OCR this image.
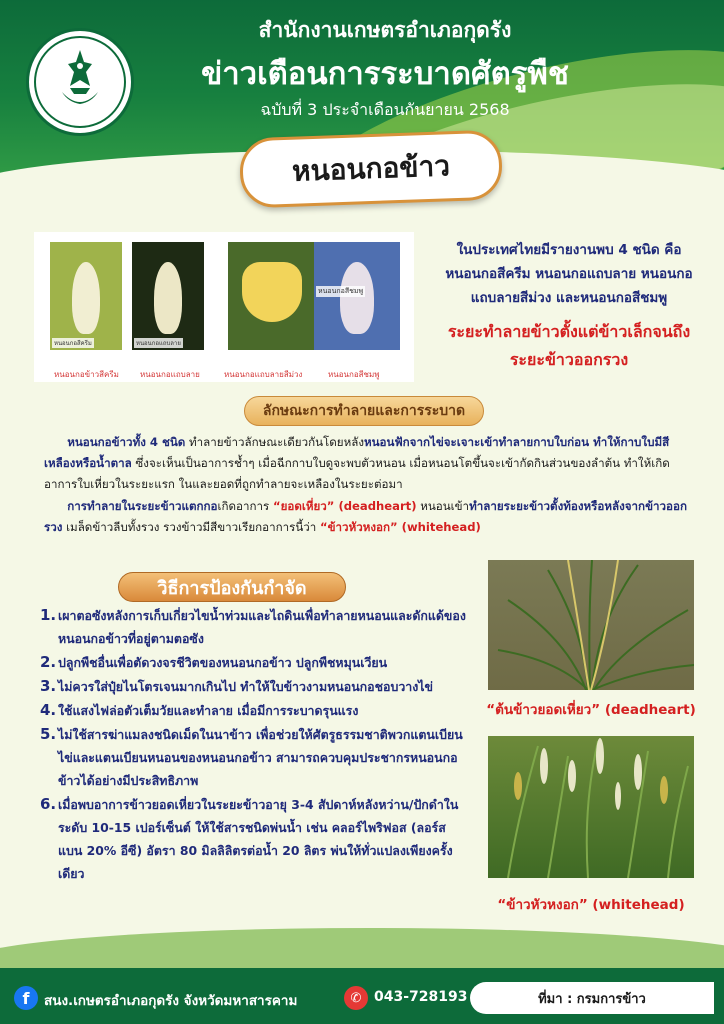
สำนักงานเกษตรอำเภอกุดรัง
ข่าวเตือนการระบาดศัตรูพืช
ฉบับที่ 3 ประจำเดือนกันยายน 2568
หนอนกอข้าว
หนอนกอสีครีม	หนอนกอแถบลาย
หนอนกอสีชมพู
หนอนกอข้าวสีครีม	หนอนกอแถบลาย	หนอนกอแถบลายสีม่วง	หนอนกอสีชมพู
ในประเทศไทยมีรายงานพบ 4 ชนิด คือ
หนอนกอสีครีม หนอนกอแถบลาย หนอนกอ
แถบลายสีม่วง และหนอนกอสีชมพู
ระยะทำลายข้าวตั้งแต่ข้าวเล็กจนถึง
ระยะข้าวออกรวง
ลักษณะการทำลายและการระบาด
  หนอนกอข้าวทั้ง 4 ชนิด ทำลายข้าวลักษณะเดียวกันโดยหลังหนอนฟักจากไข่จะเจาะเข้าทำลายกาบใบก่อน ทำให้กาบใบมีสีเหลืองหรือน้ำตาล ซึ่งจะเห็นเป็นอาการช้ำๆ เมื่อฉีกกาบใบดูจะพบตัวหนอน เมื่อหนอนโตขึ้นจะเข้ากัดกินส่วนของลำต้น ทำให้เกิดอาการใบเหี่ยวในระยะแรก ในและยอดที่ถูกทำลายจะเหลืองในระยะต่อมา
  การทำลายในระยะข้าวแตกกอเกิดอาการ “ยอดเหี่ยว” (deadheart) หนอนเข้าทำลายระยะข้าวตั้งท้องหรือหลังจากข้าวออกรวง เมล็ดข้าวลีบทั้งรวง รวงข้าวมีสีขาวเรียกอาการนี้ว่า “ข้าวหัวหงอก” (whitehead)
วิธีการป้องกันกำจัด
1. เผาตอซังหลังการเก็บเกี่ยวไขน้ำท่วมและไถดินเพื่อทำลายหนอนและดักแด้ของหนอนกอข้าวที่อยู่ตามตอซัง
2. ปลูกพืชอื่นเพื่อตัดวงจรชีวิตของหนอนกอข้าว ปลูกพืชหมุนเวียน
3. ไม่ควรใส่ปุ๋ยไนโตรเจนมากเกินไป ทำให้ใบข้าวงามหนอนกอชอบวางไข่
4. ใช้แสงไฟล่อตัวเต็มวัยและทำลาย เมื่อมีการระบาดรุนแรง
5. ไม่ใช้สารฆ่าแมลงชนิดเม็ดในนาข้าว เพื่อช่วยให้ศัตรูธรรมชาติพวกแตนเบียนไข่และแตนเบียนหนอนของหนอนกอข้าว สามารถควบคุมประชากรหนอนกอข้าวได้อย่างมีประสิทธิภาพ
6. เมื่อพบอาการข้าวยอดเหี่ยวในระยะข้าวอายุ 3-4 สัปดาห์หลังหว่าน/ปักดำในระดับ 10-15 เปอร์เซ็นต์ ให้ใช้สารชนิดพ่นน้ำ เช่น คลอร์ไพริฟอส (ลอร์สแบน 20% อีซี) อัตรา 80 มิลลิลิตรต่อน้ำ 20 ลิตร พ่นให้ทั่วแปลงเพียงครั้งเดียว
“ต้นข้าวยอดเหี่ยว” (deadheart)
“ข้าวหัวหงอก” (whitehead)
f	สนง.เกษตรอำเภอกุดรัง จังหวัดมหาสารคาม	✆ 043-728193	ที่มา : กรมการข้าว
